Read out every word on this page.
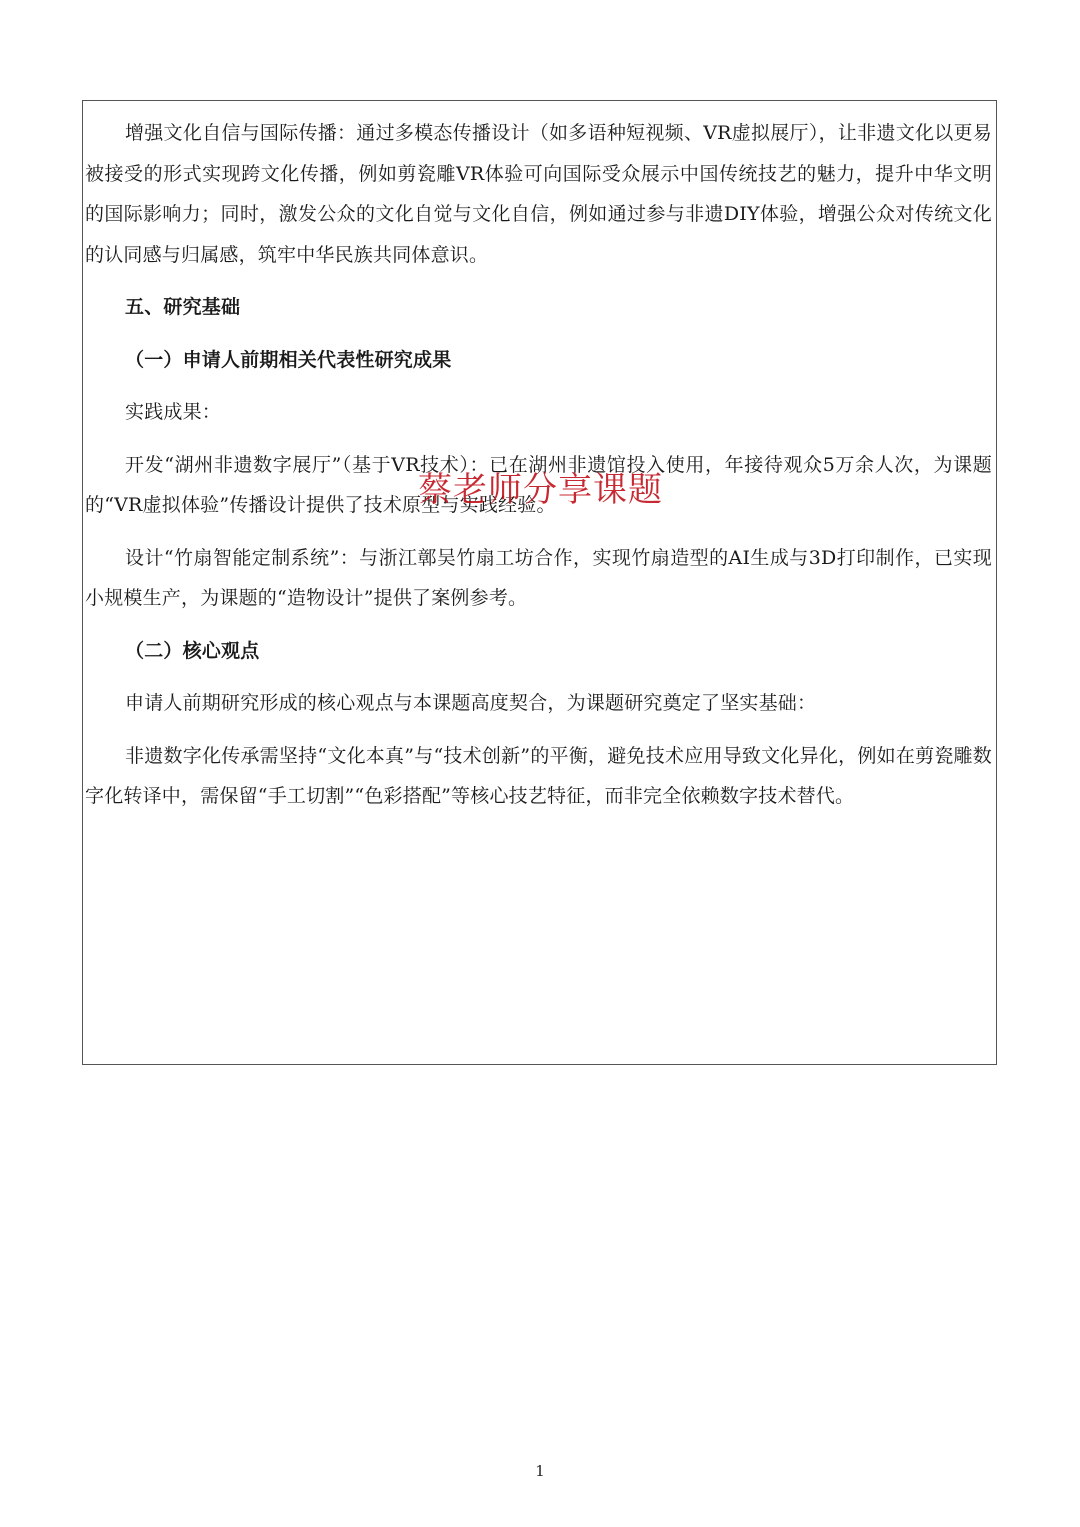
增强文化自信与国际传播：通过多模态传播设计（如多语种短视频、VR虚拟展厅），让非遗文化以更易被接受的形式实现跨文化传播，例如剪瓷雕VR体验可向国际受众展示中国传统技艺的魅力，提升中华文明的国际影响力；同时，激发公众的文化自觉与文化自信，例如通过参与非遗DIY体验，增强公众对传统文化的认同感与归属感，筑牢中华民族共同体意识。

五、研究基础

（一）申请人前期相关代表性研究成果

实践成果：

开发“湖州非遗数字展厅”（基于VR技术）：已在湖州非遗馆投入使用，年接待观众5万余人次，为课题的“VR虚拟体验”传播设计提供了技术原型与实践经验。

设计“竹扇智能定制系统”：与浙江鄣吴竹扇工坊合作，实现竹扇造型的AI生成与3D打印制作，已实现小规模生产，为课题的“造物设计”提供了案例参考。

（二）核心观点

申请人前期研究形成的核心观点与本课题高度契合，为课题研究奠定了坚实基础：

非遗数字化传承需坚持“文化本真”与“技术创新”的平衡，避免技术应用导致文化异化，例如在剪瓷雕数字化转译中，需保留“手工切割”“色彩搭配”等核心技艺特征，而非完全依赖数字技术替代。

蔡老师分享课题
1
